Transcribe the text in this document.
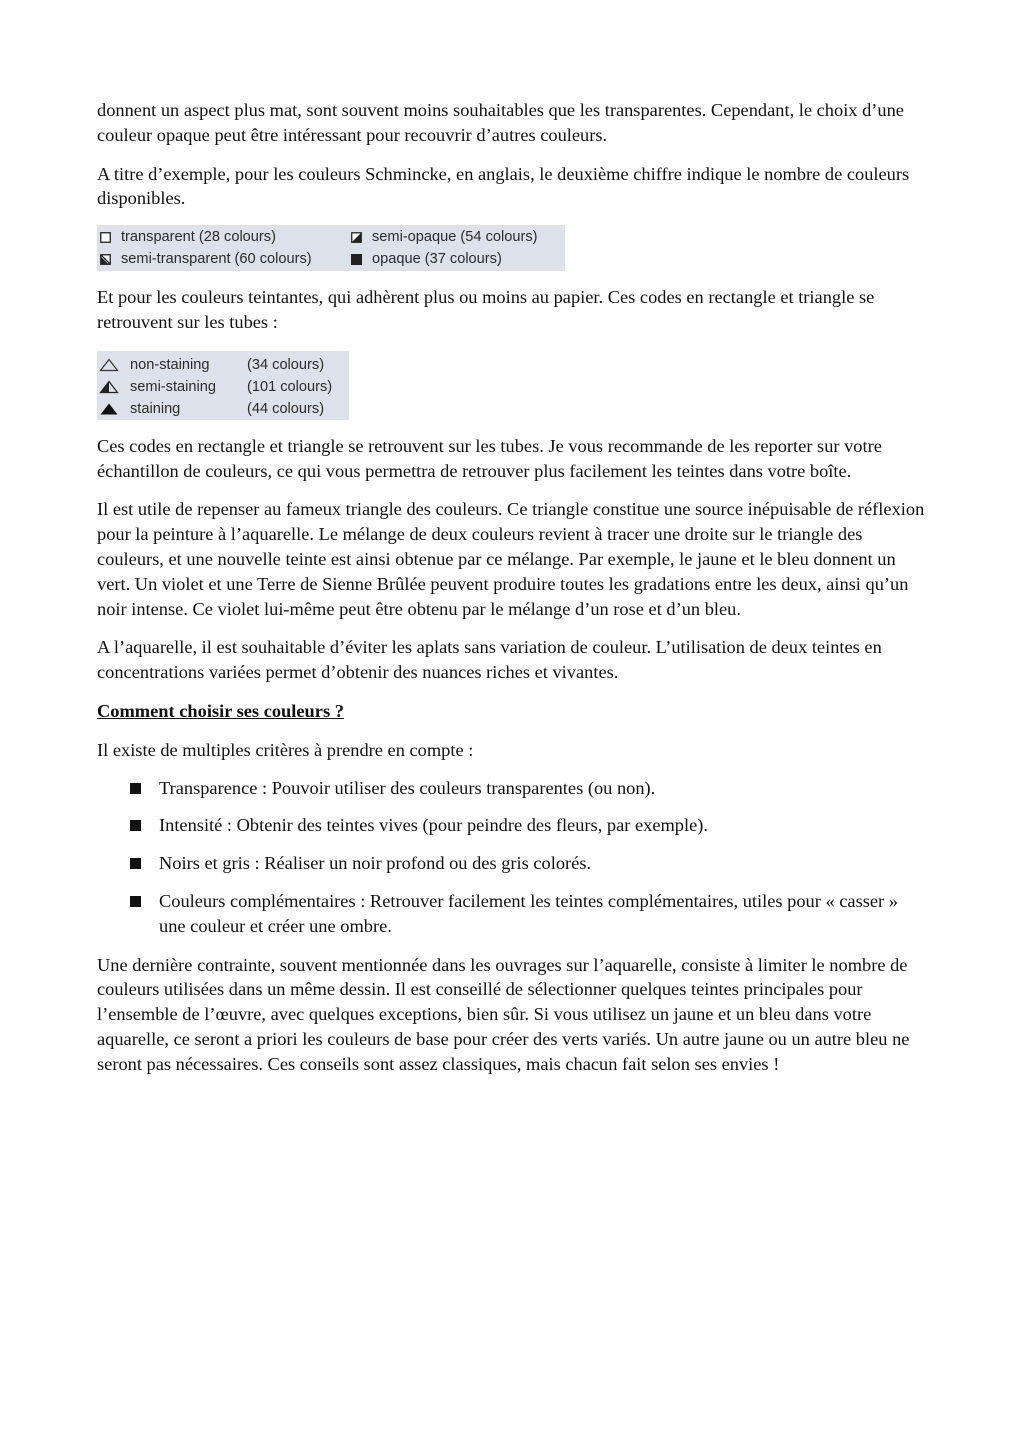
donnent un aspect plus mat, sont souvent moins souhaitables que les transparentes. Cependant, le choix d’une couleur opaque peut être intéressant pour recouvrir d’autres couleurs.

A titre d’exemple, pour les couleurs Schmincke, en anglais, le deuxième chiffre indique le nombre de couleurs disponibles.

transparent (28 colours)	semi-opaque (54 colours)
semi-transparent (60 colours)	opaque (37 colours)

Et pour les couleurs teintantes, qui adhèrent plus ou moins au papier. Ces codes en rectangle et triangle se retrouvent sur les tubes :

non-staining	(34 colours)
semi-staining	(101 colours)
staining	(44 colours)

Ces codes en rectangle et triangle se retrouvent sur les tubes. Je vous recommande de les reporter sur votre échantillon de couleurs, ce qui vous permettra de retrouver plus facilement les teintes dans votre boîte.

Il est utile de repenser au fameux triangle des couleurs. Ce triangle constitue une source inépuisable de réflexion pour la peinture à l’aquarelle. Le mélange de deux couleurs revient à tracer une droite sur le triangle des couleurs, et une nouvelle teinte est ainsi obtenue par ce mélange. Par exemple, le jaune et le bleu donnent un vert. Un violet et une Terre de Sienne Brûlée peuvent produire toutes les gradations entre les deux, ainsi qu’un noir intense. Ce violet lui-même peut être obtenu par le mélange d’un rose et d’un bleu.

A l’aquarelle, il est souhaitable d’éviter les aplats sans variation de couleur. L’utilisation de deux teintes en concentrations variées permet d’obtenir des nuances riches et vivantes.

Comment choisir ses couleurs ?

Il existe de multiples critères à prendre en compte :

Transparence : Pouvoir utiliser des couleurs transparentes (ou non).
Intensité : Obtenir des teintes vives (pour peindre des fleurs, par exemple).
Noirs et gris : Réaliser un noir profond ou des gris colorés.
Couleurs complémentaires : Retrouver facilement les teintes complémentaires, utiles pour « casser » une couleur et créer une ombre.

Une dernière contrainte, souvent mentionnée dans les ouvrages sur l’aquarelle, consiste à limiter le nombre de couleurs utilisées dans un même dessin. Il est conseillé de sélectionner quelques teintes principales pour l’ensemble de l’œuvre, avec quelques exceptions, bien sûr. Si vous utilisez un jaune et un bleu dans votre aquarelle, ce seront a priori les couleurs de base pour créer des verts variés. Un autre jaune ou un autre bleu ne seront pas nécessaires. Ces conseils sont assez classiques, mais chacun fait selon ses envies !
